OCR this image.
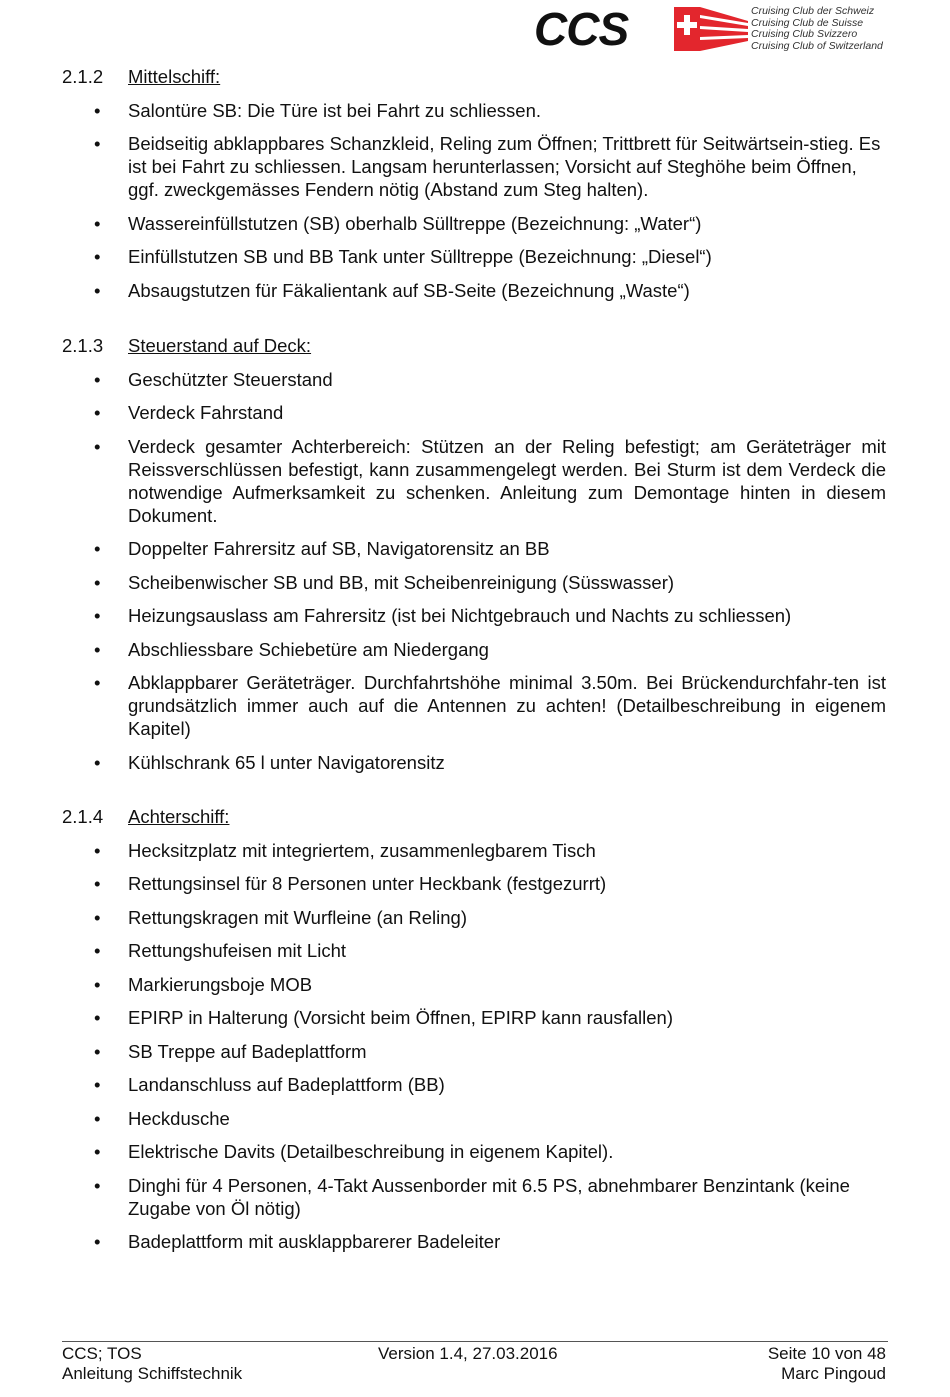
CCS	Cruising Club der Schweiz
Cruising Club de Suisse
Cruising Club Svizzero
Cruising Club of Switzerland
2.1.2 Mittelschiff:
• Salontüre SB: Die Türe ist bei Fahrt zu schliessen.
• Beidseitig abklappbares Schanzkleid, Reling zum Öffnen; Trittbrett für Seitwärtsein-stieg. Es ist bei Fahrt zu schliessen. Langsam herunterlassen; Vorsicht auf Steghöhe beim Öffnen, ggf. zweckgemässes Fendern nötig (Abstand zum Steg halten).
• Wassereinfüllstutzen (SB) oberhalb Sülltreppe (Bezeichnung: „Water“)
• Einfüllstutzen SB und BB Tank unter Sülltreppe (Bezeichnung: „Diesel“)
• Absaugstutzen für Fäkalientank auf SB-Seite (Bezeichnung „Waste“)
2.1.3 Steuerstand auf Deck:
• Geschützter Steuerstand
• Verdeck Fahrstand
• Verdeck gesamter Achterbereich: Stützen an der Reling befestigt; am Geräteträger mit Reissverschlüssen befestigt, kann zusammengelegt werden. Bei Sturm ist dem Verdeck die notwendige Aufmerksamkeit zu schenken. Anleitung zum Demontage hinten in diesem Dokument.
• Doppelter Fahrersitz auf SB, Navigatorensitz an BB
• Scheibenwischer SB und BB, mit Scheibenreinigung (Süsswasser)
• Heizungsauslass am Fahrersitz (ist bei Nichtgebrauch und Nachts zu schliessen)
• Abschliessbare Schiebetüre am Niedergang
• Abklappbarer Geräteträger. Durchfahrtshöhe minimal 3.50m. Bei Brückendurchfahr-ten ist grundsätzlich immer auch auf die Antennen zu achten! (Detailbeschreibung in eigenem Kapitel)
• Kühlschrank 65 l unter Navigatorensitz
2.1.4 Achterschiff:
• Hecksitzplatz mit integriertem, zusammenlegbarem Tisch
• Rettungsinsel für 8 Personen unter Heckbank (festgezurrt)
• Rettungskragen mit Wurfleine (an Reling)
• Rettungshufeisen mit Licht
• Markierungsboje MOB
• EPIRP in Halterung (Vorsicht beim Öffnen, EPIRP kann rausfallen)
• SB Treppe auf Badeplattform
• Landanschluss auf Badeplattform (BB)
• Heckdusche
• Elektrische Davits (Detailbeschreibung in eigenem Kapitel).
• Dinghi für 4 Personen, 4-Takt Aussenborder mit 6.5 PS, abnehmbarer Benzintank (keine Zugabe von Öl nötig)
• Badeplattform mit ausklappbarerer Badeleiter
CCS; TOS
Anleitung Schiffstechnik
Version 1.4, 27.03.2016	Seite 10 von 48
Marc Pingoud
